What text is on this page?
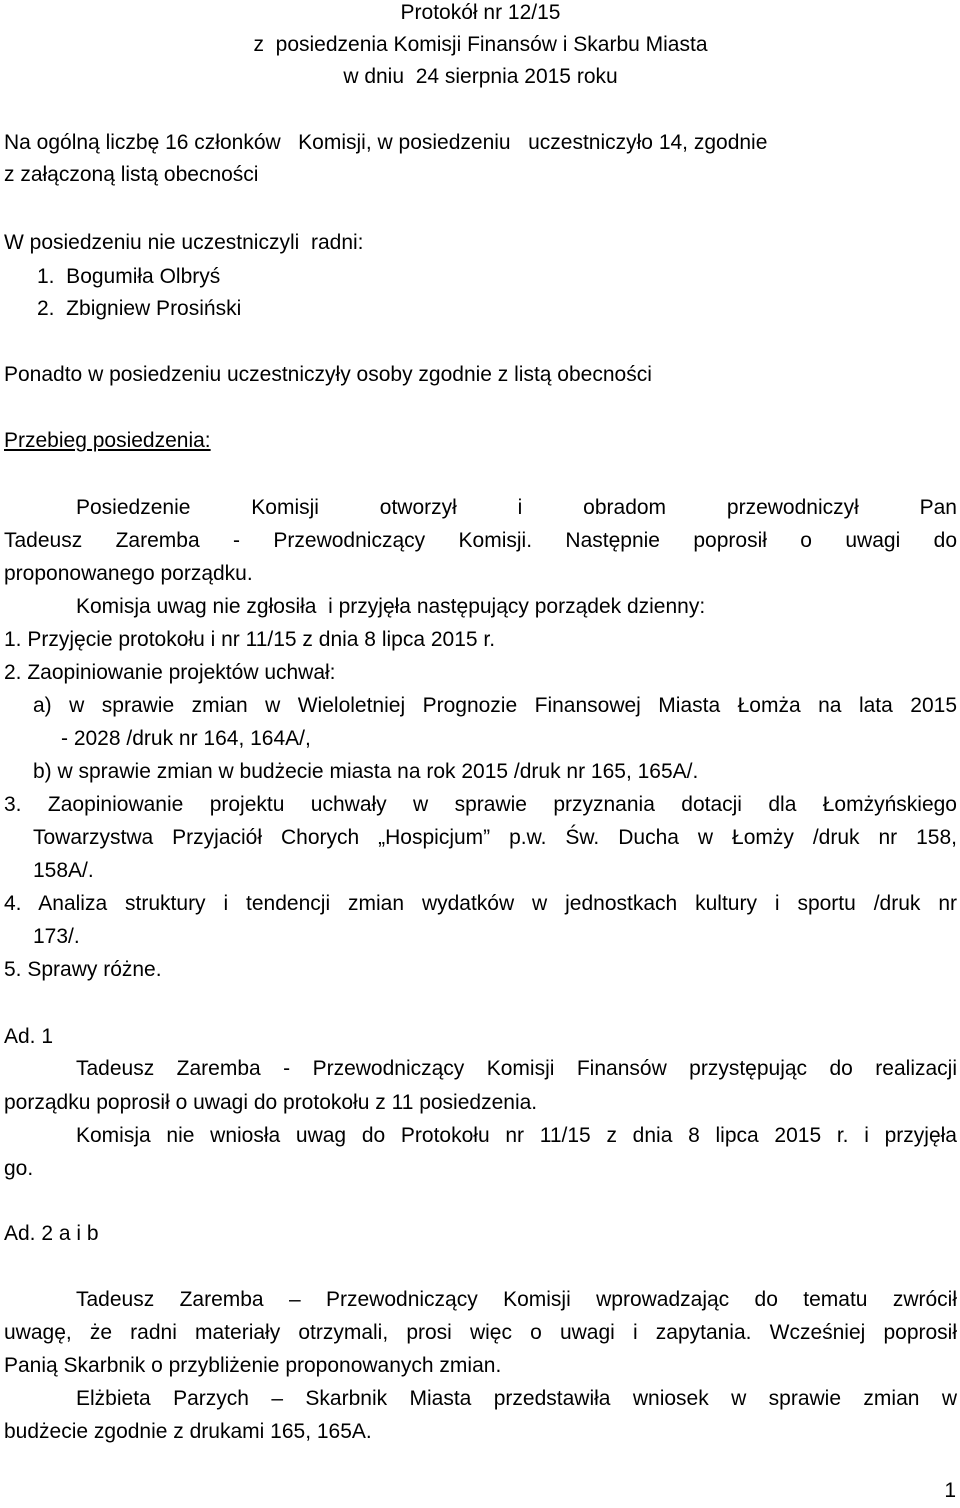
Protokół nr 12/15
z  posiedzenia Komisji Finansów i Skarbu Miasta
w dniu  24 sierpnia 2015 roku
Na ogólną liczbę 16 członków   Komisji, w posiedzeniu   uczestniczyło 14, zgodnie
z załączoną listą obecności
W posiedzeniu nie uczestniczyli  radni:
1.  Bogumiła Olbryś
2.  Zbigniew Prosiński
Ponadto w posiedzeniu uczestniczyły osoby zgodnie z listą obecności
Przebieg posiedzenia:
Posiedzenie Komisji otworzył i obradom przewodniczył Pan
Tadeusz Zaremba - Przewodniczący Komisji. Następnie poprosił o uwagi do
proponowanego porządku.
Komisja uwag nie zgłosiła  i przyjęła następujący porządek dzienny:
1. Przyjęcie protokołu i nr 11/15 z dnia 8 lipca 2015 r.
2. Zaopiniowanie projektów uchwał:
a) w sprawie zmian w Wieloletniej Prognozie Finansowej Miasta Łomża na lata 2015
- 2028 /druk nr 164, 164A/,
b) w sprawie zmian w budżecie miasta na rok 2015 /druk nr 165, 165A/.
3. Zaopiniowanie projektu uchwały w sprawie przyznania dotacji dla Łomżyńskiego
Towarzystwa Przyjaciół Chorych „Hospicjum” p.w. Św. Ducha w Łomży /druk nr 158,
158A/.
4. Analiza struktury i tendencji zmian wydatków w jednostkach kultury i sportu /druk nr
173/.
5. Sprawy różne.
Ad. 1
Tadeusz Zaremba - Przewodniczący Komisji Finansów przystępując do realizacji
porządku poprosił o uwagi do protokołu z 11 posiedzenia.
Komisja nie wniosła uwag do Protokołu nr 11/15 z dnia 8 lipca 2015 r. i przyjęła
go.
Ad. 2 a i b
Tadeusz Zaremba – Przewodniczący Komisji wprowadzając do tematu zwrócił
uwagę, że radni materiały otrzymali, prosi więc o uwagi i zapytania. Wcześniej poprosił
Panią Skarbnik o przybliżenie proponowanych zmian.
Elżbieta Parzych – Skarbnik Miasta przedstawiła wniosek w sprawie zmian w
budżecie zgodnie z drukami 165, 165A.
1
